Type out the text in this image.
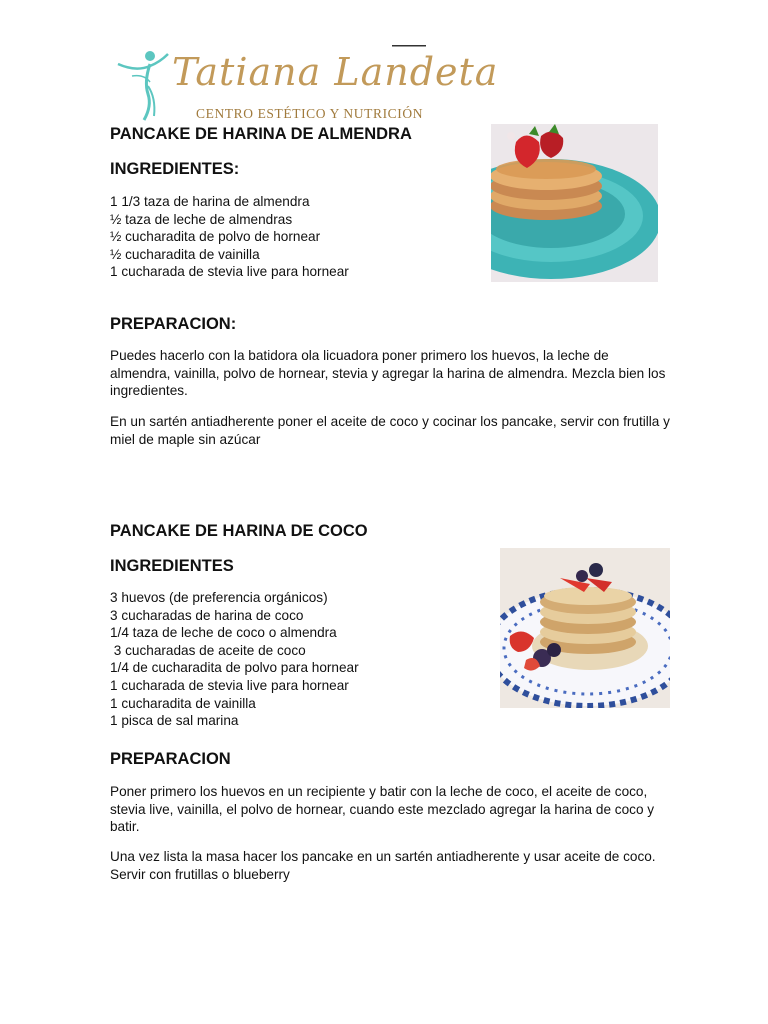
Tatiana Landeta
CENTRO ESTÉTICO Y NUTRICIÓN
PANCAKE DE HARINA DE ALMENDRA
INGREDIENTES:
1 1/3 taza de harina de almendra
½ taza de leche de almendras
½ cucharadita de polvo de hornear
½ cucharadita de vainilla
1 cucharada de stevia live para hornear
PREPARACION:

Puedes hacerlo con la batidora ola licuadora poner primero los huevos, la leche de almendra, vainilla, polvo de hornear, stevia y agregar la harina de almendra. Mezcla bien los ingredientes.

En un sartén antiadherente poner el aceite de coco y cocinar los pancake, servir con frutilla y miel de maple sin azúcar

PANCAKE DE HARINA DE COCO
INGREDIENTES
3 huevos (de preferencia orgánicos)
3 cucharadas de harina de coco
1/4 taza de leche de coco o almendra
3 cucharadas de aceite de coco
1/4 de cucharadita de polvo para hornear
1 cucharada de stevia live para hornear
1 cucharadita de vainilla
1 pisca de sal marina
PREPARACION

Poner primero los huevos en un recipiente y batir con la leche de coco, el aceite de coco, stevia live, vainilla, el polvo de hornear, cuando este mezclado agregar la harina de coco y batir.

Una vez lista la masa hacer los pancake en un sartén antiadherente y usar aceite de coco. Servir con frutillas o blueberry
